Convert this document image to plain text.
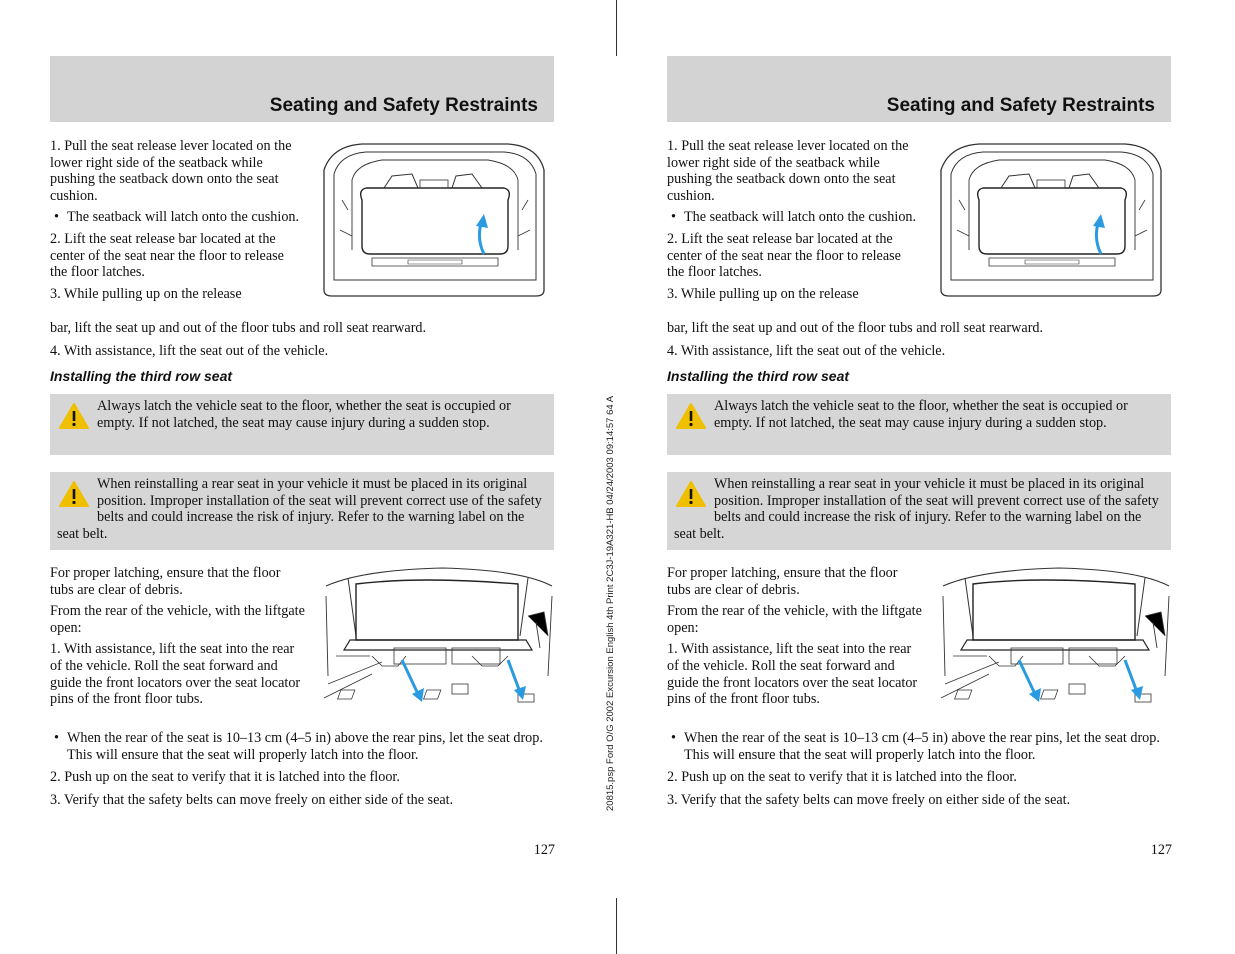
Seating and Safety Restraints

1. Pull the seat release lever located on the lower right side of the seatback while pushing the seatback down onto the seat cushion.

• The seatback will latch onto the cushion.

2. Lift the seat release bar located at the center of the seat near the floor to release the floor latches.

3. While pulling up on the release

bar, lift the seat up and out of the floor tubs and roll seat rearward.

4. With assistance, lift the seat out of the vehicle.

Installing the third row seat
Always latch the vehicle seat to the floor, whether the seat is occupied or empty. If not latched, the seat may cause injury during a sudden stop.
When reinstalling a rear seat in your vehicle it must be placed in its original position. Improper installation of the seat will prevent correct use of the safety belts and could increase the risk of injury. Refer to the warning label on the seat belt.

For proper latching, ensure that the floor tubs are clear of debris.

From the rear of the vehicle, with the liftgate open:

1. With assistance, lift the seat into the rear of the vehicle. Roll the seat forward and guide the front locators over the seat locator pins of the front floor tubs.

• When the rear of the seat is 10–13 cm (4–5 in) above the rear pins, let the seat drop. This will ensure that the seat will properly latch into the floor.

2. Push up on the seat to verify that it is latched into the floor.

3. Verify that the safety belts can move freely on either side of the seat.

127
20815.psp Ford O/G 2002 Excursion English 4th Print 2C3J-19A321-HB 04/24/2003 09:14:57 64 A
Seating and Safety Restraints

1. Pull the seat release lever located on the lower right side of the seatback while pushing the seatback down onto the seat cushion.

• The seatback will latch onto the cushion.

2. Lift the seat release bar located at the center of the seat near the floor to release the floor latches.

3. While pulling up on the release

bar, lift the seat up and out of the floor tubs and roll seat rearward.

4. With assistance, lift the seat out of the vehicle.

Installing the third row seat
Always latch the vehicle seat to the floor, whether the seat is occupied or empty. If not latched, the seat may cause injury during a sudden stop.
When reinstalling a rear seat in your vehicle it must be placed in its original position. Improper installation of the seat will prevent correct use of the safety belts and could increase the risk of injury. Refer to the warning label on the seat belt.

For proper latching, ensure that the floor tubs are clear of debris.

From the rear of the vehicle, with the liftgate open:

1. With assistance, lift the seat into the rear of the vehicle. Roll the seat forward and guide the front locators over the seat locator pins of the front floor tubs.

• When the rear of the seat is 10–13 cm (4–5 in) above the rear pins, let the seat drop. This will ensure that the seat will properly latch into the floor.

2. Push up on the seat to verify that it is latched into the floor.

3. Verify that the safety belts can move freely on either side of the seat.

127
